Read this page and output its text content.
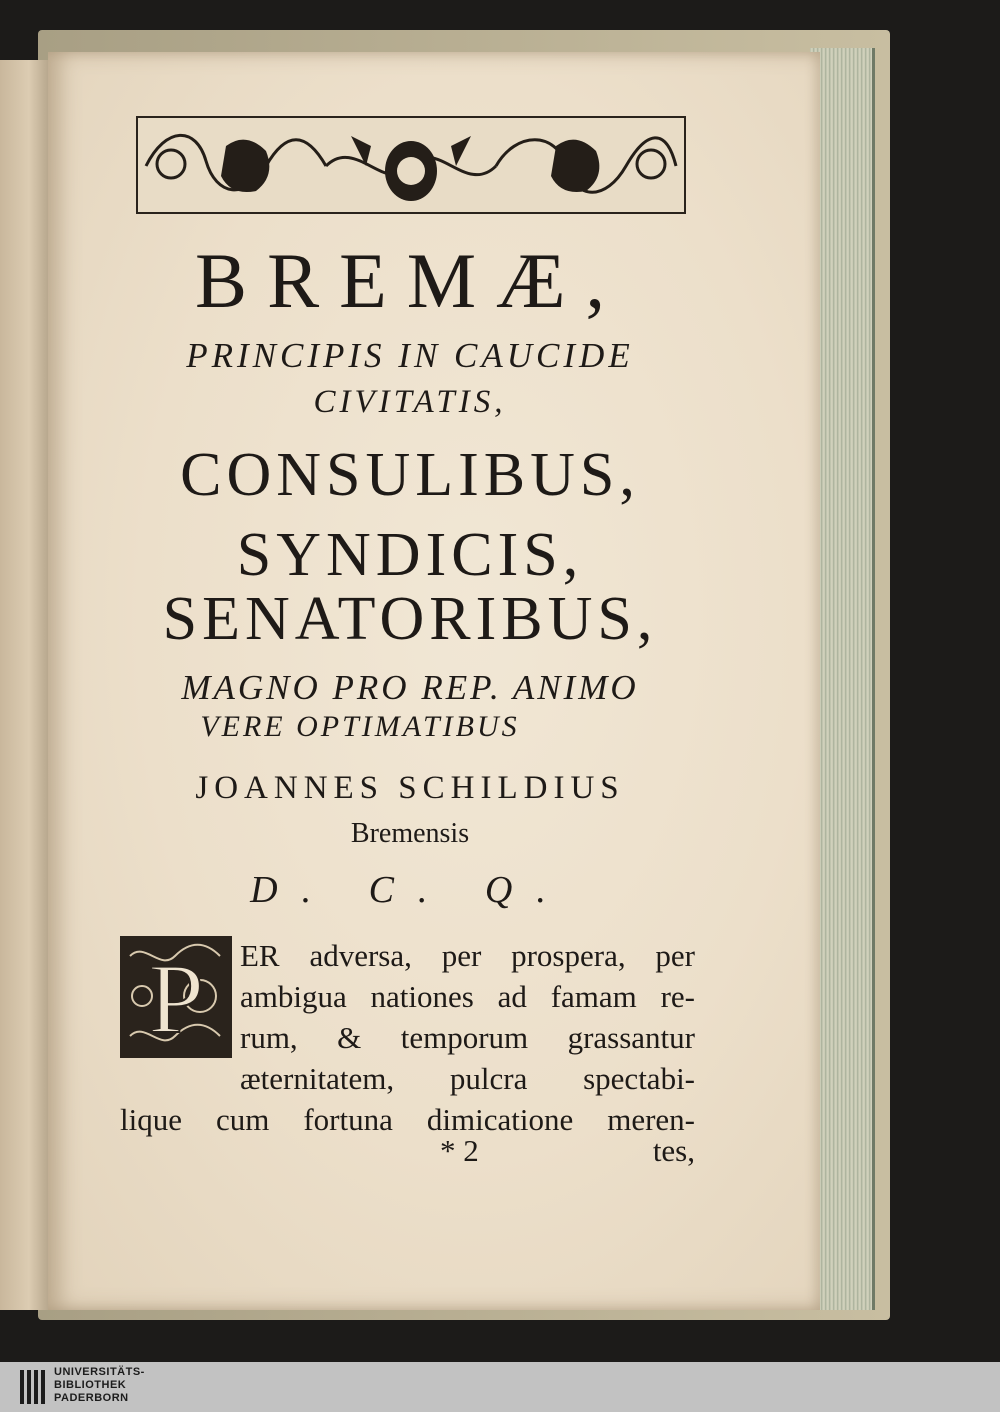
BREMÆ,
PRINCIPIS IN CAUCIDE
CIVITATIS,
CONSULIBUS,
SYNDICIS,
SENATORIBUS,
MAGNO PRO REP. ANIMO
VERE OPTIMATIBUS
JOANNES SCHILDIUS
Bremensis
D. C. Q.
P	ER adversa, per prospera, per
ambigua nationes ad famam re-
rum, & temporum grassantur
æternitatem, pulcra spectabi-
lique cum fortuna dimicatione meren-
* 2	tes,
UNIVERSITÄTS-
BIBLIOTHEK
PADERBORN
